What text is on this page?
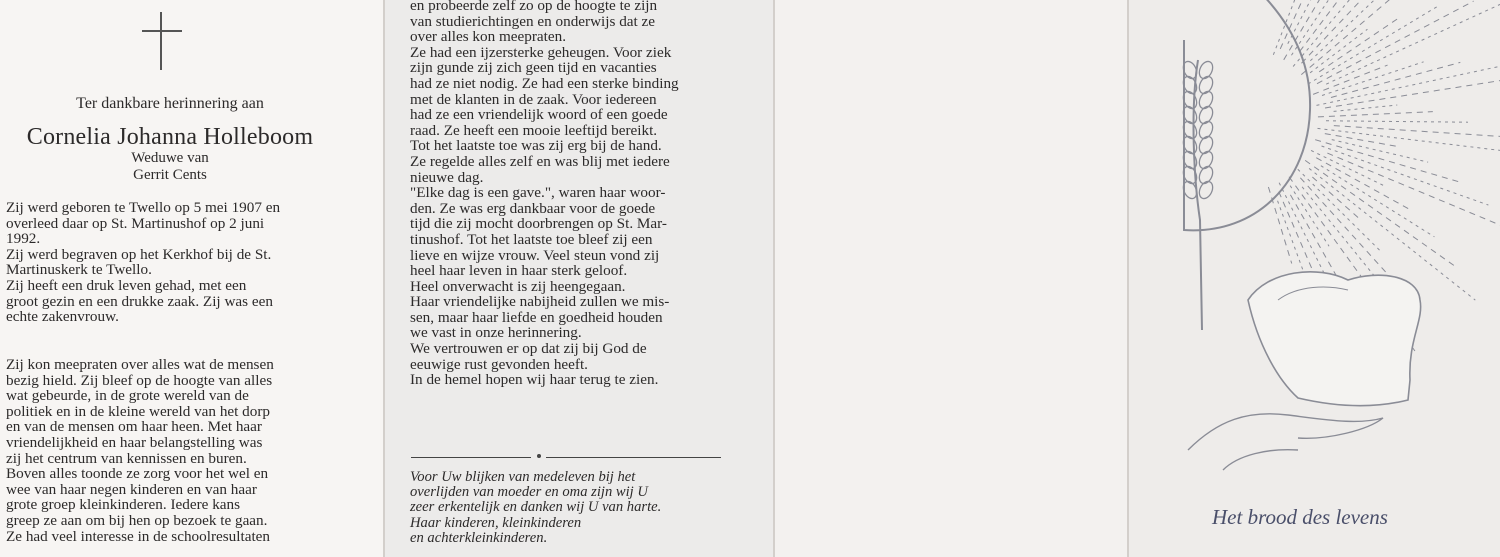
Ter dankbare herinnering aan
Cornelia Johanna Holleboom
Weduwe van
Gerrit Cents

Zij werd geboren te Twello op 5 mei 1907 en
overleed daar op St. Martinushof op 2 juni
1992.
Zij werd begraven op het Kerkhof bij de St.
Martinuskerk te Twello.
Zij heeft een druk leven gehad, met een
groot gezin en een drukke zaak. Zij was een
echte zakenvrouw.

Zij kon meepraten over alles wat de mensen
bezig hield. Zij bleef op de hoogte van alles
wat gebeurde, in de grote wereld van de
politiek en in de kleine wereld van het dorp
en van de mensen om haar heen. Met haar
vriendelijkheid en haar belangstelling was
zij het centrum van kennissen en buren.
Boven alles toonde ze zorg voor het wel en
wee van haar negen kinderen en van haar
grote groep kleinkinderen. Iedere kans
greep ze aan om bij hen op bezoek te gaan.
Ze had veel interesse in de schoolresultaten

en probeerde zelf zo op de hoogte te zijn
van studierichtingen en onderwijs dat ze
over alles kon meepraten.
Ze had een ijzersterke geheugen. Voor ziek
zijn gunde zij zich geen tijd en vacanties
had ze niet nodig. Ze had een sterke binding
met de klanten in de zaak. Voor iedereen
had ze een vriendelijk woord of een goede
raad. Ze heeft een mooie leeftijd bereikt.
Tot het laatste toe was zij erg bij de hand.
Ze regelde alles zelf en was blij met iedere
nieuwe dag.
"Elke dag is een gave.", waren haar woor-
den. Ze was erg dankbaar voor de goede
tijd die zij mocht doorbrengen op St. Mar-
tinushof. Tot het laatste toe bleef zij een
lieve en wijze vrouw. Veel steun vond zij
heel haar leven in haar sterk geloof.
Heel onverwacht is zij heengegaan.
Haar vriendelijke nabijheid zullen we mis-
sen, maar haar liefde en goedheid houden
we vast in onze herinnering.
We vertrouwen er op dat zij bij God de
eeuwige rust gevonden heeft.
In de hemel hopen wij haar terug te zien.

Voor Uw blijken van medeleven bij het
overlijden van moeder en oma zijn wij U
zeer erkentelijk en danken wij U van harte.
Haar kinderen, kleinkinderen
en achterkleinkinderen.

Het brood des levens
